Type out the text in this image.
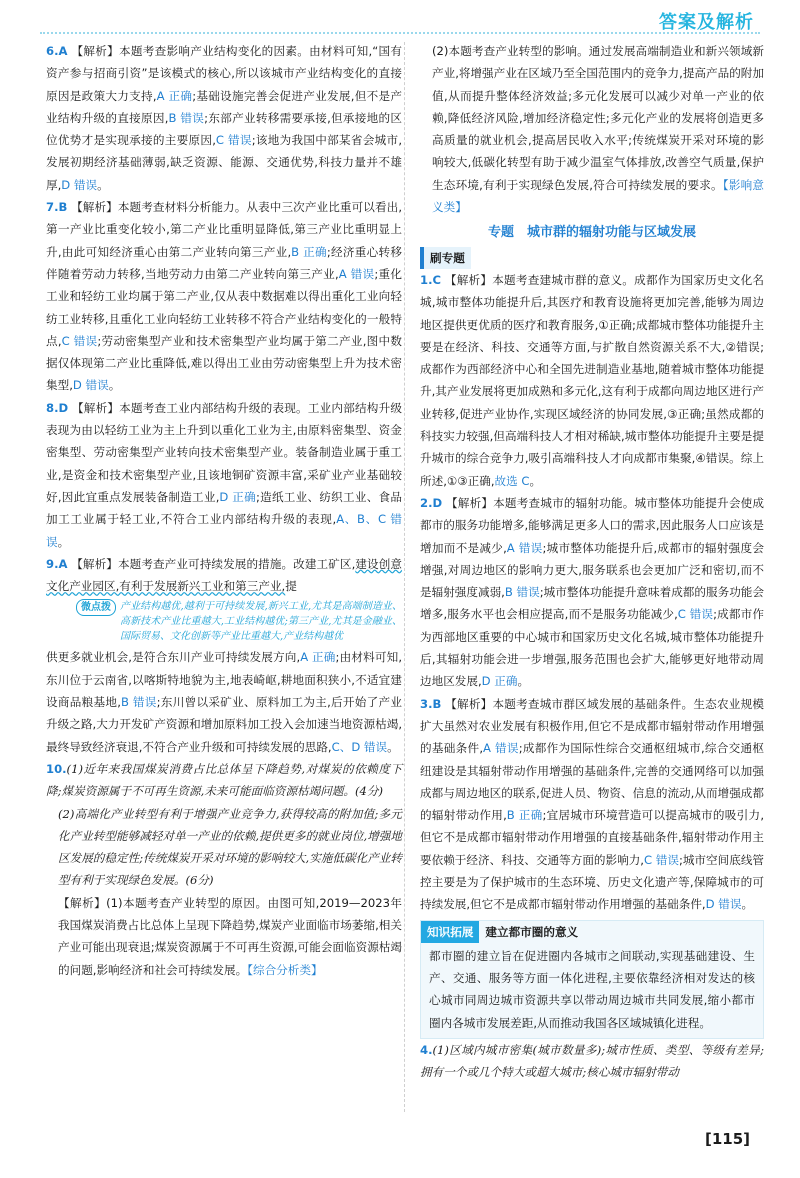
答案及解析

6.A 【解析】本题考查影响产业结构变化的因素。由材料可知,“国有资产参与招商引资”是该模式的核心,所以该城市产业结构变化的直接原因是政策大力支持,A 正确;基础设施完善会促进产业发展,但不是产业结构升级的直接原因,B 错误;东部产业转移需要承接,但承接地的区位优势才是实现承接的主要原因,C 错误;该地为我国中部某省会城市,发展初期经济基础薄弱,缺乏资源、能源、交通优势,科技力量并不雄厚,D 错误。

7.B 【解析】本题考查材料分析能力。从表中三次产业比重可以看出,第一产业比重变化较小,第二产业比重明显降低,第三产业比重明显上升,由此可知经济重心由第二产业转向第三产业,B 正确;经济重心转移伴随着劳动力转移,当地劳动力由第二产业转向第三产业,A 错误;重化工业和轻纺工业均属于第二产业,仅从表中数据难以得出重化工业向轻纺工业转移,且重化工业向轻纺工业转移不符合产业结构变化的一般特点,C 错误;劳动密集型产业和技术密集型产业均属于第二产业,图中数据仅体现第二产业比重降低,难以得出工业由劳动密集型上升为技术密集型,D 错误。

8.D 【解析】本题考查工业内部结构升级的表现。工业内部结构升级表现为由以轻纺工业为主上升到以重化工业为主,由原料密集型、资金密集型、劳动密集型产业转向技术密集型产业。装备制造业属于重工业,是资金和技术密集型产业,且该地铜矿资源丰富,采矿业产业基础较好,因此宜重点发展装备制造工业,D 正确;造纸工业、纺织工业、食品加工工业属于轻工业,不符合工业内部结构升级的表现,A、B、C 错误。

9.A 【解析】本题考查产业可持续发展的措施。改建工矿区,建设创意文化产业园区,有利于发展新兴工业和第三产业,提

微点拨 产业结构越优,越利于可持续发展,新兴工业,尤其是高端制造业、高新技术产业比重越大,工业结构越优;第三产业,尤其是金融业、国际贸易、文化创新等产业比重越大,产业结构越优

供更多就业机会,是符合东川产业可持续发展方向,A 正确;由材料可知,东川位于云南省,以喀斯特地貌为主,地表崎岖,耕地面积狭小,不适宜建设商品粮基地,B 错误;东川曾以采矿业、原料加工为主,后开始了产业升级之路,大力开发矿产资源和增加原料加工投入会加速当地资源枯竭,最终导致经济衰退,不符合产业升级和可持续发展的思路,C、D 错误。

10.(1)近年来我国煤炭消费占比总体呈下降趋势,对煤炭的依赖度下降;煤炭资源属于不可再生资源,未来可能面临资源枯竭问题。(4分)

(2)高端化产业转型有利于增强产业竞争力,获得较高的附加值;多元化产业转型能够减轻对单一产业的依赖,提供更多的就业岗位,增强地区发展的稳定性;传统煤炭开采对环境的影响较大,实施低碳化产业转型有利于实现绿色发展。(6分)

【解析】(1)本题考查产业转型的原因。由图可知,2019—2023年我国煤炭消费占比总体上呈现下降趋势,煤炭产业面临市场萎缩,相关产业可能出现衰退;煤炭资源属于不可再生资源,可能会面临资源枯竭的问题,影响经济和社会可持续发展。【综合分析类】

(2)本题考查产业转型的影响。通过发展高端制造业和新兴领域新产业,将增强产业在区域乃至全国范围内的竞争力,提高产品的附加值,从而提升整体经济效益;多元化发展可以减少对单一产业的依赖,降低经济风险,增加经济稳定性;多元化产业的发展将创造更多高质量的就业机会,提高居民收入水平;传统煤炭开采对环境的影响较大,低碳化转型有助于减少温室气体排放,改善空气质量,保护生态环境,有利于实现绿色发展,符合可持续发展的要求。【影响意义类】

专题　城市群的辐射功能与区域发展
刷专题

1.C 【解析】本题考查建城市群的意义。成都作为国家历史文化名城,城市整体功能提升后,其医疗和教育设施将更加完善,能够为周边地区提供更优质的医疗和教育服务,①正确;成都城市整体功能提升主要是在经济、科技、交通等方面,与扩散自然资源关系不大,②错误;成都作为西部经济中心和全国先进制造业基地,随着城市整体功能提升,其产业发展将更加成熟和多元化,这有利于成都向周边地区进行产业转移,促进产业协作,实现区域经济的协同发展,③正确;虽然成都的科技实力较强,但高端科技人才相对稀缺,城市整体功能提升主要是提升城市的综合竞争力,吸引高端科技人才向成都市集聚,④错误。综上所述,①③正确,故选 C。

2.D 【解析】本题考查城市的辐射功能。城市整体功能提升会使成都市的服务功能增多,能够满足更多人口的需求,因此服务人口应该是增加而不是减少,A 错误;城市整体功能提升后,成都市的辐射强度会增强,对周边地区的影响力更大,服务联系也会更加广泛和密切,而不是辐射强度减弱,B 错误;城市整体功能提升意味着成都的服务功能会增多,服务水平也会相应提高,而不是服务功能减少,C 错误;成都市作为西部地区重要的中心城市和国家历史文化名城,城市整体功能提升后,其辐射功能会进一步增强,服务范围也会扩大,能够更好地带动周边地区发展,D 正确。

3.B 【解析】本题考查城市群区域发展的基础条件。生态农业规模扩大虽然对农业发展有积极作用,但它不是成都市辐射带动作用增强的基础条件,A 错误;成都作为国际性综合交通枢纽城市,综合交通枢纽建设是其辐射带动作用增强的基础条件,完善的交通网络可以加强成都与周边地区的联系,促进人员、物资、信息的流动,从而增强成都的辐射带动作用,B 正确;宜居城市环境营造可以提高城市的吸引力,但它不是成都市辐射带动作用增强的直接基础条件,辐射带动作用主要依赖于经济、科技、交通等方面的影响力,C 错误;城市空间底线管控主要是为了保护城市的生态环境、历史文化遗产等,保障城市的可持续发展,但它不是成都市辐射带动作用增强的基础条件,D 错误。

知识拓展 建立都市圈的意义
都市圈的建立旨在促进圈内各城市之间联动,实现基础建设、生产、交通、服务等方面一体化进程,主要依靠经济相对发达的核心城市同周边城市资源共享以带动周边城市共同发展,缩小都市圈内各城市发展差距,从而推动我国各区域城镇化进程。

4.(1)区域内城市密集(城市数量多);城市性质、类型、等级有差异;拥有一个或几个特大或超大城市;核心城市辐射带动

[115]
